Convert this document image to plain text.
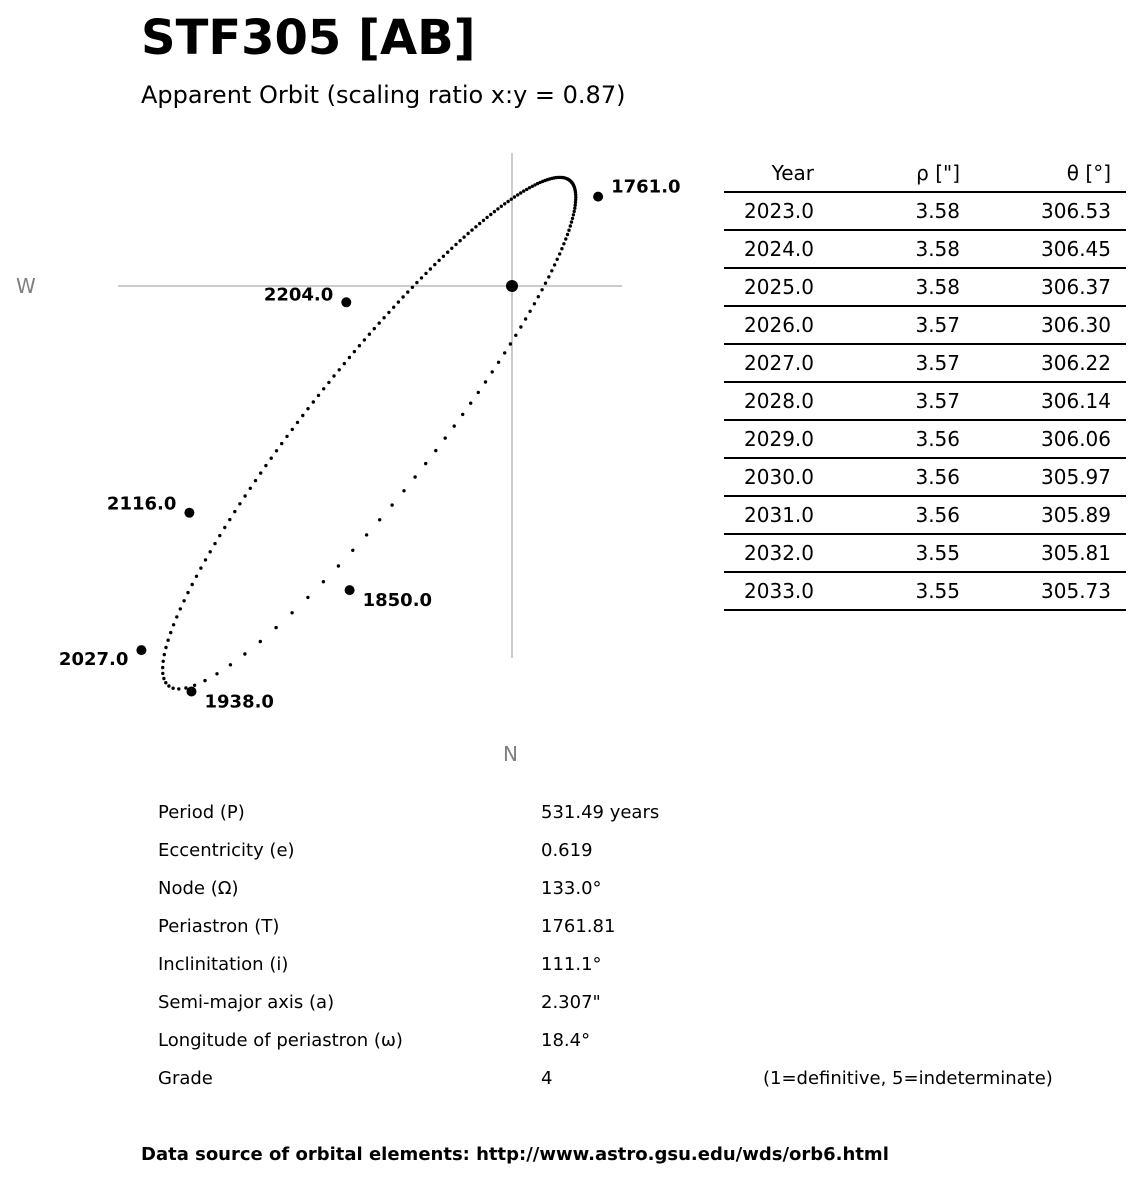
STF305 [AB]
Apparent Orbit (scaling ratio x:y = 0.87)
W
N
1761.0
2204.0
2116.0
2027.0
1938.0
1850.0
Year	ρ ["]	θ [°]
2023.0	3.58	306.53
2024.0	3.58	306.45
2025.0	3.58	306.37
2026.0	3.57	306.30
2027.0	3.57	306.22
2028.0	3.57	306.14
2029.0	3.56	306.06
2030.0	3.56	305.97
2031.0	3.56	305.89
2032.0	3.55	305.81
2033.0	3.55	305.73
Period (P)	531.49 years
Eccentricity (e)	0.619
Node (Ω)	133.0°
Periastron (T)	1761.81
Inclinitation (i)	111.1°
Semi-major axis (a)	2.307"
Longitude of periastron (ω)	18.4°
Grade	4	(1=definitive, 5=indeterminate)
Data source of orbital elements: http://www.astro.gsu.edu/wds/orb6.html
